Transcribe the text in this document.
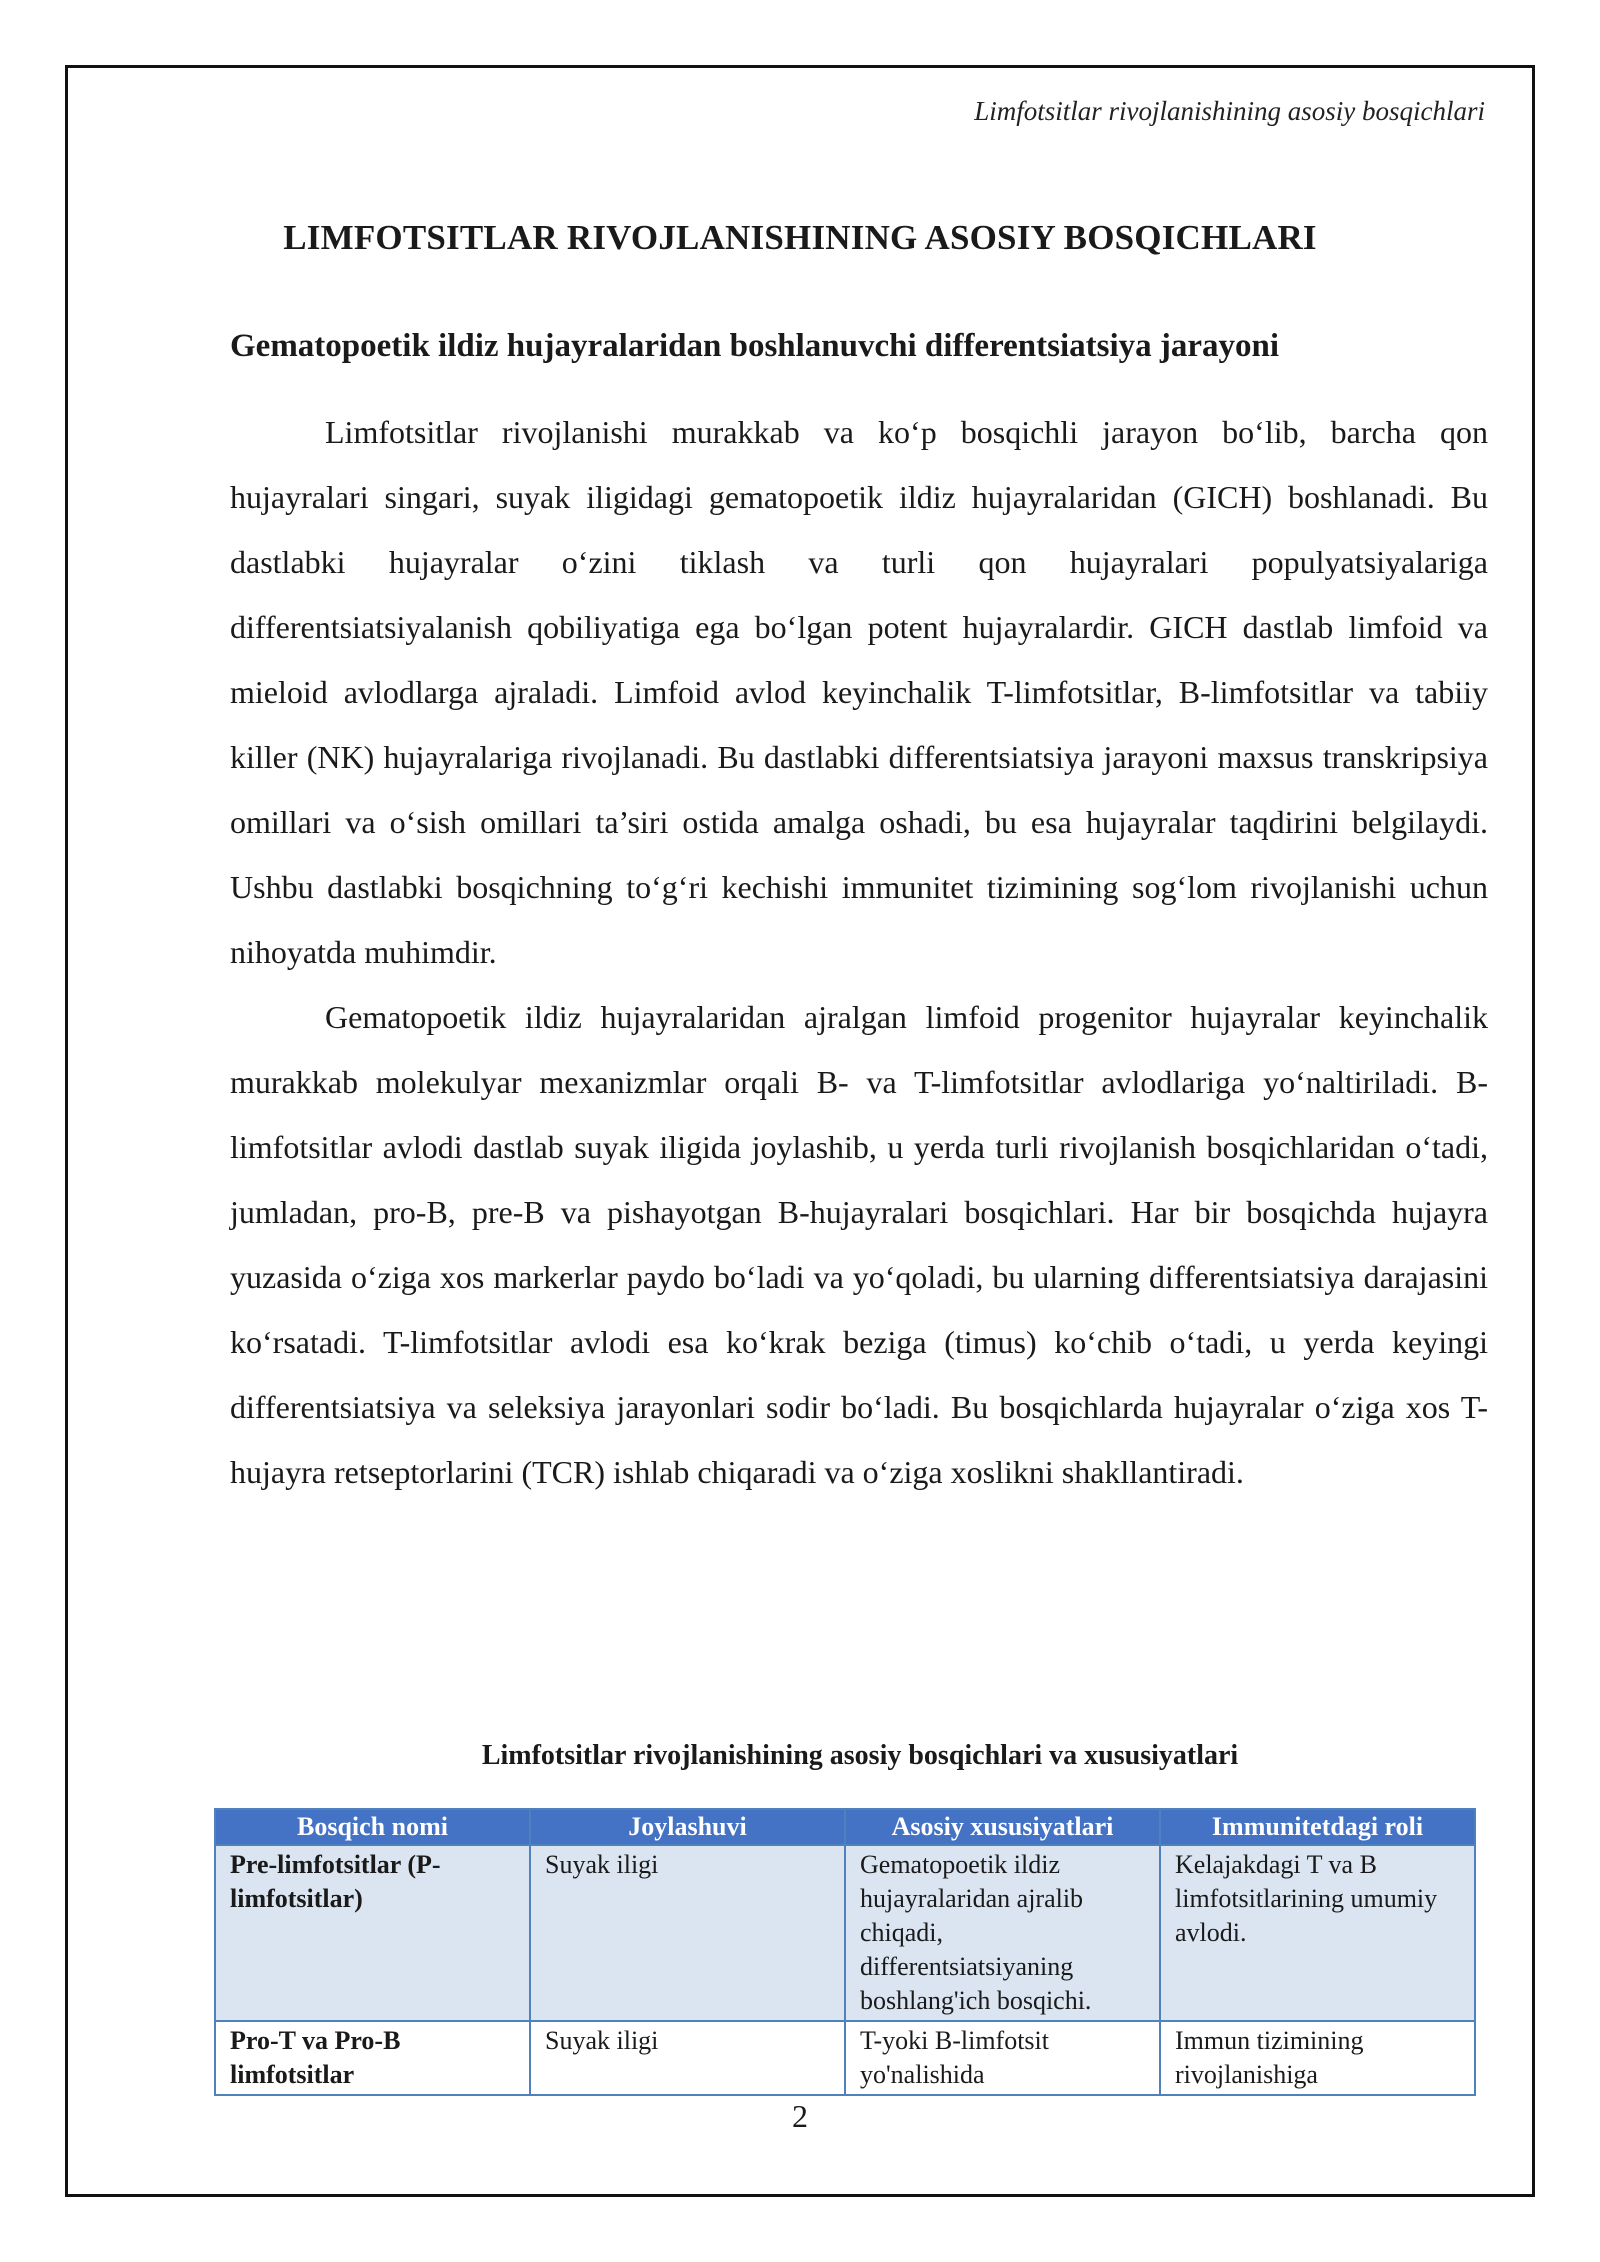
Limfotsitlar rivojlanishining asosiy bosqichlari
LIMFOTSITLAR RIVOJLANISHINING ASOSIY BOSQICHLARI
Gematopoetik ildiz hujayralaridan boshlanuvchi differentsiatsiya jarayoni

Limfotsitlar rivojlanishi murakkab va ko‘p bosqichli jarayon bo‘lib, barcha qon hujayralari singari, suyak iligidagi gematopoetik ildiz hujayralaridan (GICH) boshlanadi. Bu dastlabki hujayralar o‘zini tiklash va turli qon hujayralari populyatsiyalariga differentsiatsiyalanish qobiliyatiga ega bo‘lgan potent hujayralardir. GICH dastlab limfoid va mieloid avlodlarga ajraladi. Limfoid avlod keyinchalik T-limfotsitlar, B-limfotsitlar va tabiiy killer (NK) hujayralariga rivojlanadi. Bu dastlabki differentsiatsiya jarayoni maxsus transkripsiya omillari va o‘sish omillari ta’siri ostida amalga oshadi, bu esa hujayralar taqdirini belgilaydi. Ushbu dastlabki bosqichning to‘g‘ri kechishi immunitet tizimining sog‘lom rivojlanishi uchun nihoyatda muhimdir.

Gematopoetik ildiz hujayralaridan ajralgan limfoid progenitor hujayralar keyinchalik murakkab molekulyar mexanizmlar orqali B- va T-limfotsitlar avlodlariga yo‘naltiriladi. B-limfotsitlar avlodi dastlab suyak iligida joylashib, u yerda turli rivojlanish bosqichlaridan o‘tadi, jumladan, pro-B, pre-B va pishayotgan B-hujayralari bosqichlari. Har bir bosqichda hujayra yuzasida o‘ziga xos markerlar paydo bo‘ladi va yo‘qoladi, bu ularning differentsiatsiya darajasini ko‘rsatadi. T-limfotsitlar avlodi esa ko‘krak beziga (timus) ko‘chib o‘tadi, u yerda keyingi differentsiatsiya va seleksiya jarayonlari sodir bo‘ladi. Bu bosqichlarda hujayralar o‘ziga xos T-hujayra retseptorlarini (TCR) ishlab chiqaradi va o‘ziga xoslikni shakllantiradi.

Limfotsitlar rivojlanishining asosiy bosqichlari va xususiyatlari
Bosqich nomi	Joylashuvi	Asosiy xususiyatlari	Immunitetdagi roli
Pre-limfotsitlar (P-limfotsitlar)	Suyak iligi	Gematopoetik ildiz hujayralaridan ajralib chiqadi, differentsiatsiyaning boshlang'ich bosqichi.	Kelajakdagi T va B limfotsitlarining umumiy avlodi.
Pro-T va Pro-B limfotsitlar	Suyak iligi	T-yoki B-limfotsit yo'nalishida	Immun tizimining rivojlanishiga
2
